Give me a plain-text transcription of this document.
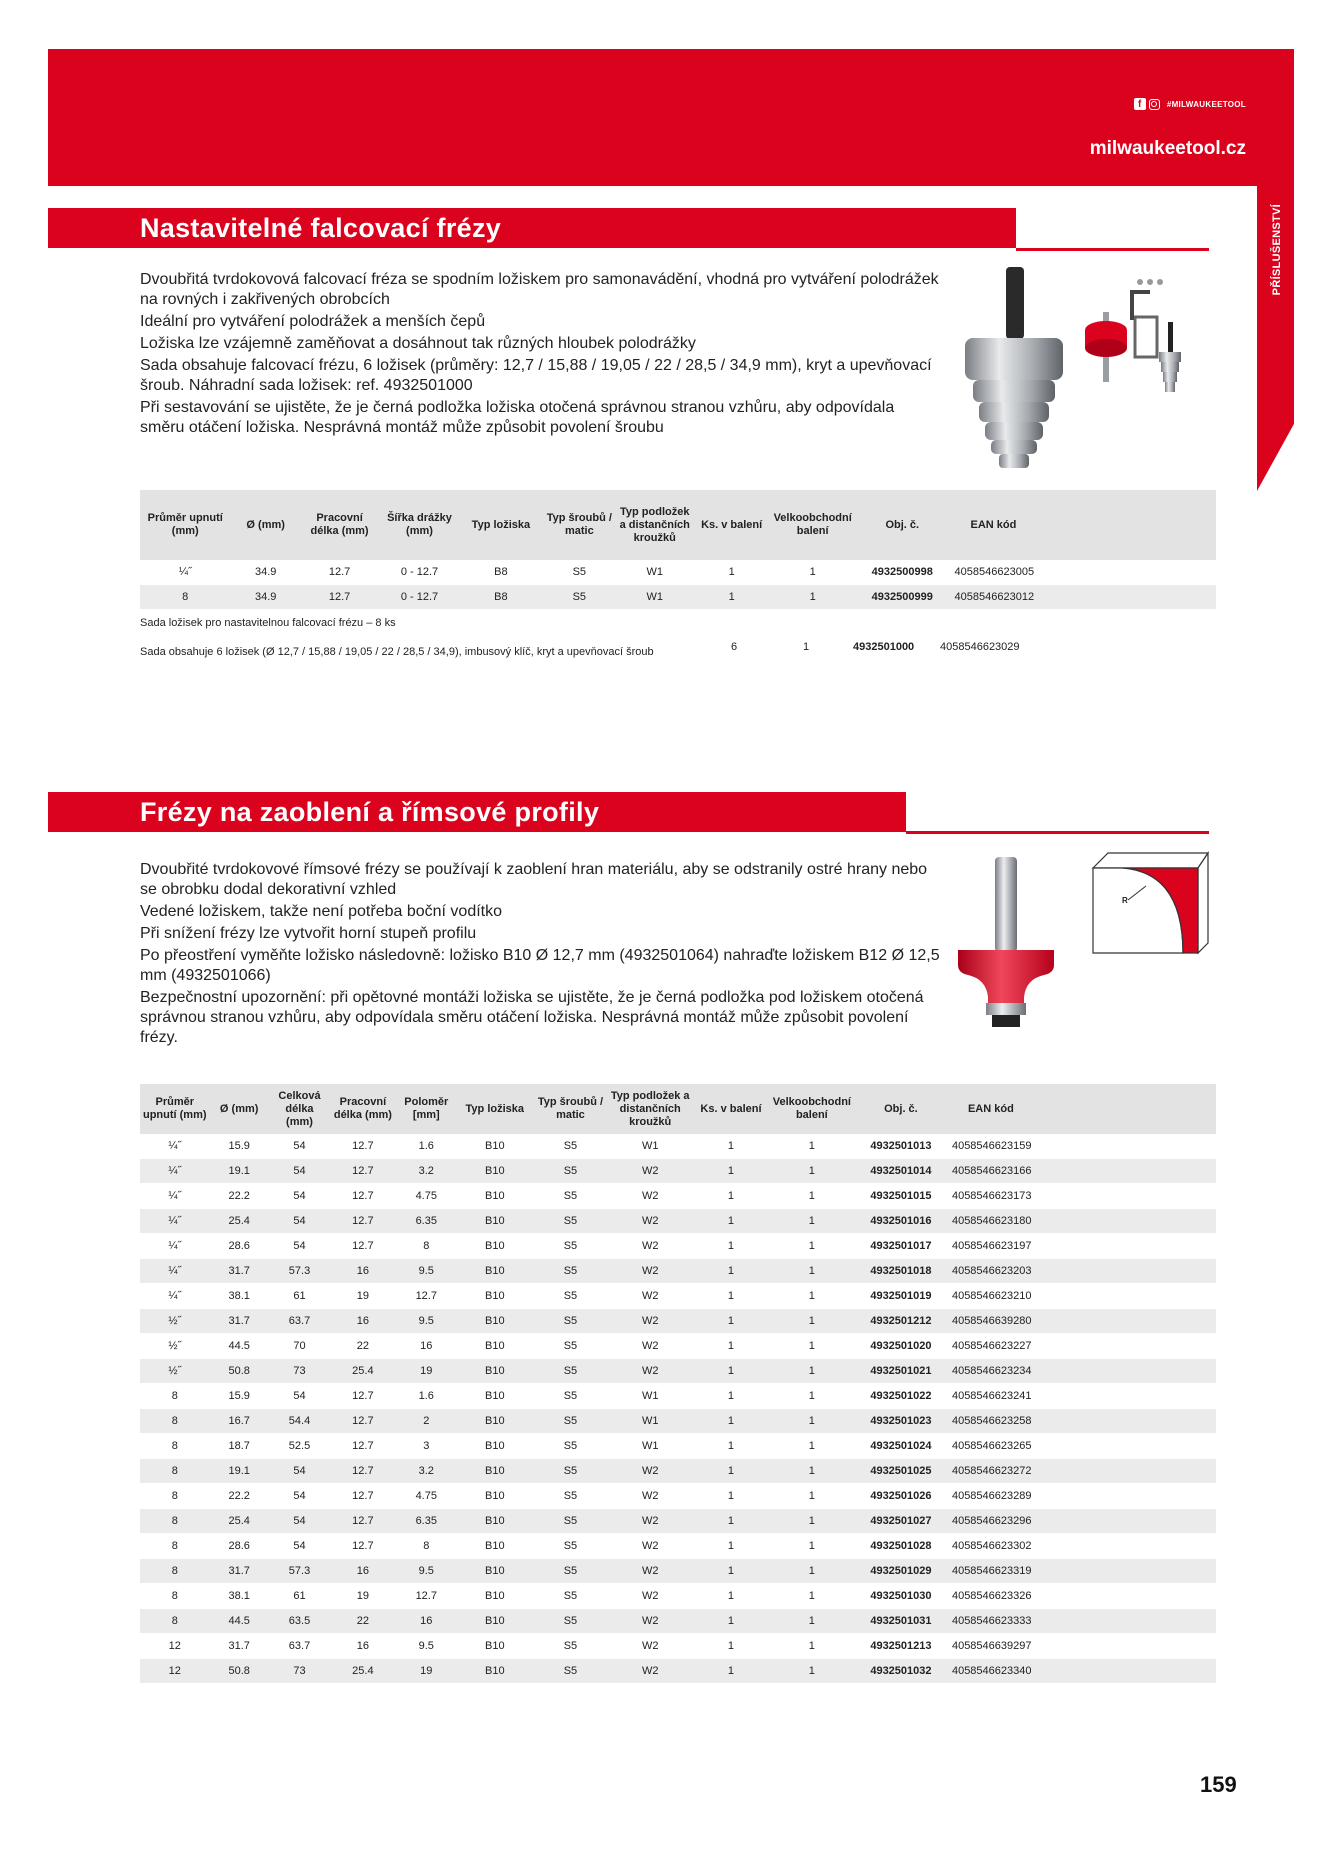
f	#MILWAUKEETOOL
milwaukeetool.cz
PŘÍSLUŠENSTVÍ
Nastavitelné falcovací frézy

Dvoubřitá tvrdokovová falcovací fréza se spodním ložiskem pro samonavádění, vhodná pro vytváření polodrážek na rovných i zakřivených obrobcích

Ideální pro vytváření polodrážek a menších čepů

Ložiska lze vzájemně zaměňovat a dosáhnout tak různých hloubek polodrážky

Sada obsahuje falcovací frézu, 6 ložisek (průměry: 12,7 / 15,88 / 19,05 / 22 / 28,5 / 34,9 mm), kryt a upevňovací šroub. Náhradní sada ložisek: ref. 4932501000

Při sestavování se ujistěte, že je černá podložka ložiska otočená správnou stranou vzhůru, aby odpovídala směru otáčení ložiska. Nesprávná montáž může způsobit povolení šroubu

Průměr upnutí (mm)	Ø (mm)	Pracovní délka (mm)	Šířka drážky (mm)	Typ ložiska	Typ šroubů / matic	Typ podložek a distančních kroužků	Ks. v balení	Velkoobchodní balení	Obj. č.	EAN kód	
¼˝	34.9	12.7	0 - 12.7	B8	S5	W1	1	1	4932500998	4058546623005	
8	34.9	12.7	0 - 12.7	B8	S5	W1	1	1	4932500999	4058546623012	
Sada ložisek pro nastavitelnou falcovací frézu – 8 ks
Sada obsahuje 6 ložisek (Ø 12,7 / 15,88 / 19,05 / 22 / 28,5 / 34,9), imbusový klíč, kryt a upevňovací šroub	6	1	4932501000 4058546623029
Frézy na zaoblení a římsové profily

Dvoubřité tvrdokovové římsové frézy se používají k zaoblení hran materiálu, aby se odstranily ostré hrany nebo se obrobku dodal dekorativní vzhled

Vedené ložiskem, takže není potřeba boční vodítko

Při snížení frézy lze vytvořit horní stupeň profilu

Po přeostření vyměňte ložisko následovně: ložisko B10 Ø 12,7 mm (4932501064) nahraďte ložiskem B12 Ø 12,5 mm (4932501066)

Bezpečnostní upozornění: při opětovné montáži ložiska se ujistěte, že je černá podložka pod ložiskem otočená správnou stranou vzhůru, aby odpovídala směru otáčení ložiska. Nesprávná montáž může způsobit povolení frézy.

R
Průměr upnutí (mm)	Ø (mm)	Celková délka (mm)	Pracovní délka (mm)	Poloměr [mm]	Typ ložiska	Typ šroubů / matic	Typ podložek a distančních kroužků	Ks. v balení	Velkoobchodní balení	Obj. č.	EAN kód	
¼˝	15.9	54	12.7	1.6	B10	S5	W1	1	1	4932501013	4058546623159	
¼˝	19.1	54	12.7	3.2	B10	S5	W2	1	1	4932501014	4058546623166	
¼˝	22.2	54	12.7	4.75	B10	S5	W2	1	1	4932501015	4058546623173	
¼˝	25.4	54	12.7	6.35	B10	S5	W2	1	1	4932501016	4058546623180	
¼˝	28.6	54	12.7	8	B10	S5	W2	1	1	4932501017	4058546623197	
¼˝	31.7	57.3	16	9.5	B10	S5	W2	1	1	4932501018	4058546623203	
¼˝	38.1	61	19	12.7	B10	S5	W2	1	1	4932501019	4058546623210	
½˝	31.7	63.7	16	9.5	B10	S5	W2	1	1	4932501212	4058546639280	
½˝	44.5	70	22	16	B10	S5	W2	1	1	4932501020	4058546623227	
½˝	50.8	73	25.4	19	B10	S5	W2	1	1	4932501021	4058546623234	
8	15.9	54	12.7	1.6	B10	S5	W1	1	1	4932501022	4058546623241	
8	16.7	54.4	12.7	2	B10	S5	W1	1	1	4932501023	4058546623258	
8	18.7	52.5	12.7	3	B10	S5	W1	1	1	4932501024	4058546623265	
8	19.1	54	12.7	3.2	B10	S5	W2	1	1	4932501025	4058546623272	
8	22.2	54	12.7	4.75	B10	S5	W2	1	1	4932501026	4058546623289	
8	25.4	54	12.7	6.35	B10	S5	W2	1	1	4932501027	4058546623296	
8	28.6	54	12.7	8	B10	S5	W2	1	1	4932501028	4058546623302	
8	31.7	57.3	16	9.5	B10	S5	W2	1	1	4932501029	4058546623319	
8	38.1	61	19	12.7	B10	S5	W2	1	1	4932501030	4058546623326	
8	44.5	63.5	22	16	B10	S5	W2	1	1	4932501031	4058546623333	
12	31.7	63.7	16	9.5	B10	S5	W2	1	1	4932501213	4058546639297	
12	50.8	73	25.4	19	B10	S5	W2	1	1	4932501032	4058546623340	
159
